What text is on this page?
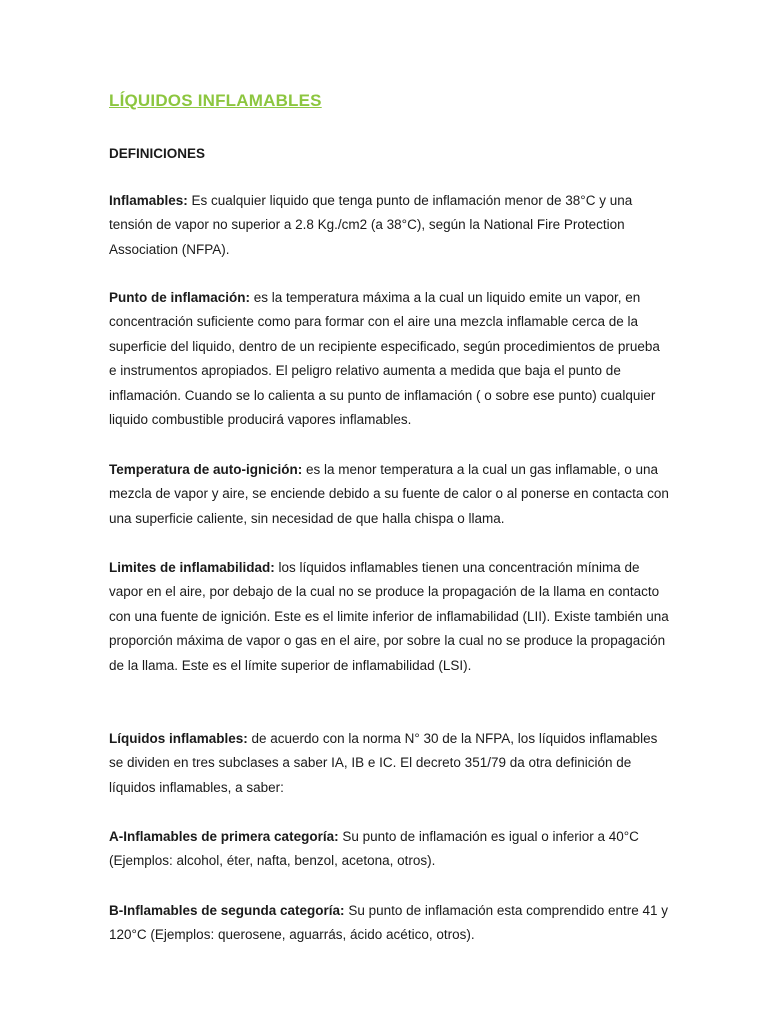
LÍQUIDOS INFLAMABLES
DEFINICIONES

Inflamables: Es cualquier liquido que tenga punto de inflamación menor de 38°C y una tensión de vapor no superior a 2.8 Kg./cm2 (a 38°C), según la National Fire Protection Association (NFPA).

Punto de inflamación: es la temperatura máxima a la cual un liquido emite un vapor, en concentración suficiente como para formar con el aire una mezcla inflamable cerca de la superficie del liquido, dentro de un recipiente especificado, según procedimientos de prueba e instrumentos apropiados. El peligro relativo aumenta a medida que baja el punto de inflamación. Cuando se lo calienta a su punto de inflamación ( o sobre ese punto) cualquier liquido combustible producirá vapores inflamables.

Temperatura de auto-ignición: es la menor temperatura a la cual un gas inflamable, o una mezcla de vapor y aire, se enciende debido a su fuente de calor o al ponerse en contacta con una superficie caliente, sin necesidad de que halla chispa o llama.

Limites de inflamabilidad: los líquidos inflamables tienen una concentración mínima de vapor en el aire, por debajo de la cual no se produce la propagación de la llama en contacto con una fuente de ignición. Este es el limite inferior de inflamabilidad (LII). Existe también una proporción máxima de vapor o gas en el aire, por sobre la cual no se produce la propagación de la llama. Este es el límite superior de inflamabilidad (LSI).

Líquidos inflamables: de acuerdo con la norma N° 30 de la NFPA, los líquidos inflamables se dividen en tres subclases a saber IA, IB e IC. El decreto 351/79 da otra definición de líquidos inflamables, a saber:

A-Inflamables de primera categoría: Su punto de inflamación es igual o inferior a 40°C (Ejemplos: alcohol, éter, nafta, benzol, acetona, otros).

B-Inflamables de segunda categoría: Su punto de inflamación esta comprendido entre 41 y 120°C (Ejemplos: querosene, aguarrás, ácido acético, otros).
